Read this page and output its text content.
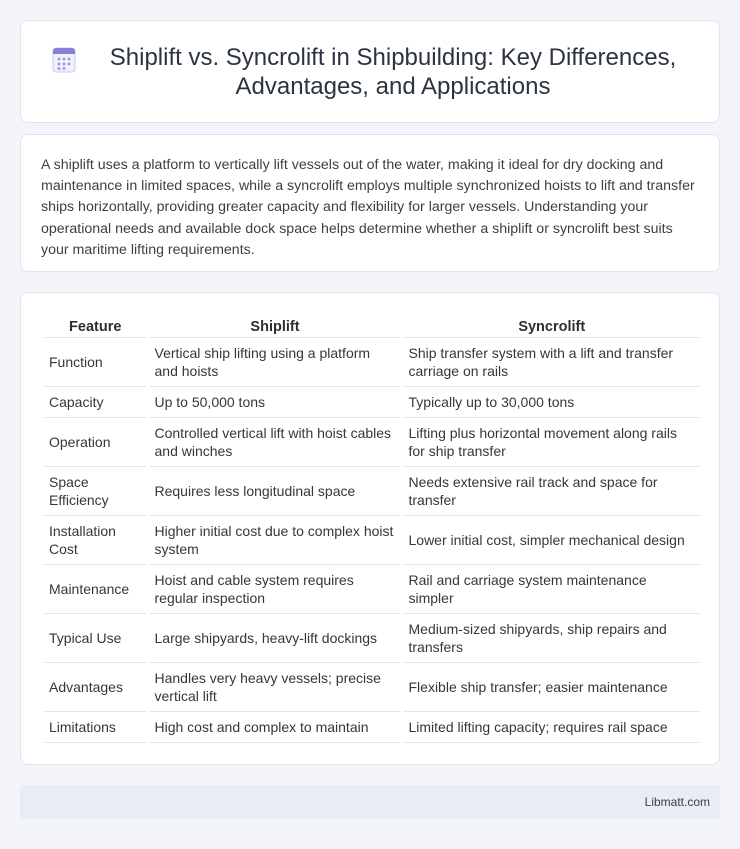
Shiplift vs. Syncrolift in Shipbuilding: Key Differences, Advantages, and Applications

A shiplift uses a platform to vertically lift vessels out of the water, making it ideal for dry docking and maintenance in limited spaces, while a syncrolift employs multiple synchronized hoists to lift and transfer ships horizontally, providing greater capacity and flexibility for larger vessels. Understanding your operational needs and available dock space helps determine whether a shiplift or syncrolift best suits your maritime lifting requirements.

Feature	Shiplift	Syncrolift
Function	Vertical ship lifting using a platform and hoists	Ship transfer system with a lift and transfer carriage on rails
Capacity	Up to 50,000 tons	Typically up to 30,000 tons
Operation	Controlled vertical lift with hoist cables and winches	Lifting plus horizontal movement along rails for ship transfer
Space Efficiency	Requires less longitudinal space	Needs extensive rail track and space for transfer
Installation Cost	Higher initial cost due to complex hoist system	Lower initial cost, simpler mechanical design
Maintenance	Hoist and cable system requires regular inspection	Rail and carriage system maintenance simpler
Typical Use	Large shipyards, heavy-lift dockings	Medium-sized shipyards, ship repairs and transfers
Advantages	Handles very heavy vessels; precise vertical lift	Flexible ship transfer; easier maintenance
Limitations	High cost and complex to maintain	Limited lifting capacity; requires rail space
Libmatt.com
